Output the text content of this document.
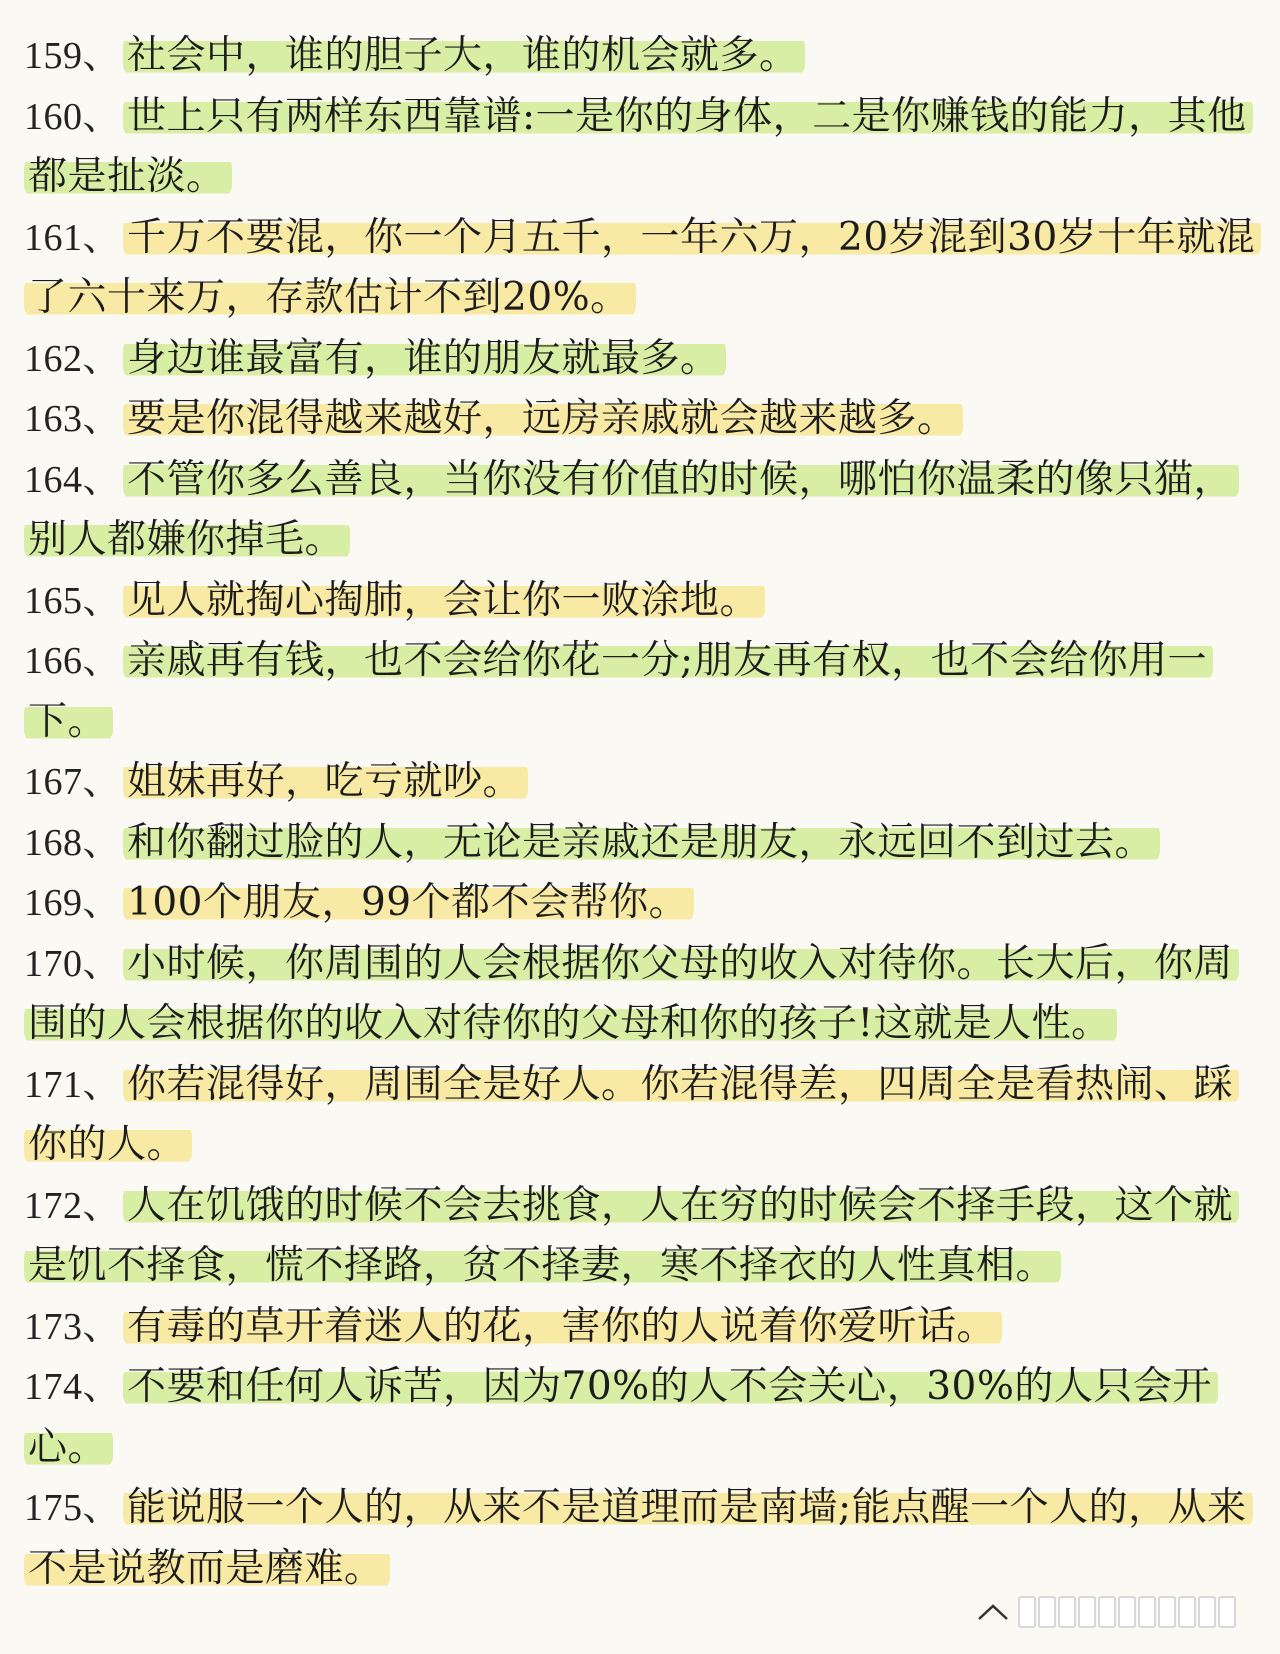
159、 社会中，谁的胆子大，谁的机会就多。

160、 世上只有两样东西靠谱:一是你的身体，二是你赚钱的能力，其他都是扯淡。

161、 千万不要混，你一个月五千，一年六万，20岁混到30岁十年就混了六十来万，存款估计不到20%。

162、 身边谁最富有，谁的朋友就最多。

163、 要是你混得越来越好，远房亲戚就会越来越多。

164、 不管你多么善良，当你没有价值的时候，哪怕你温柔的像只猫，别人都嫌你掉毛。

165、 见人就掏心掏肺，会让你一败涂地。

166、 亲戚再有钱，也不会给你花一分;朋友再有权，也不会给你用一下。

167、 姐妹再好，吃亏就吵。

168、 和你翻过脸的人，无论是亲戚还是朋友，永远回不到过去。

169、 100个朋友，99个都不会帮你。

170、 小时候，你周围的人会根据你父母的收入对待你。长大后，你周围的人会根据你的收入对待你的父母和你的孩子!这就是人性。

171、 你若混得好，周围全是好人。你若混得差，四周全是看热闹、踩你的人。

172、 人在饥饿的时候不会去挑食，人在穷的时候会不择手段，这个就是饥不择食，慌不择路，贫不择妻，寒不择衣的人性真相。

173、 有毒的草开着迷人的花，害你的人说着你爱听话。

174、 不要和任何人诉苦，因为70%的人不会关心，30%的人只会开心。

175、 能说服一个人的，从来不是道理而是南墙;能点醒一个人的，从来不是说教而是磨难。
